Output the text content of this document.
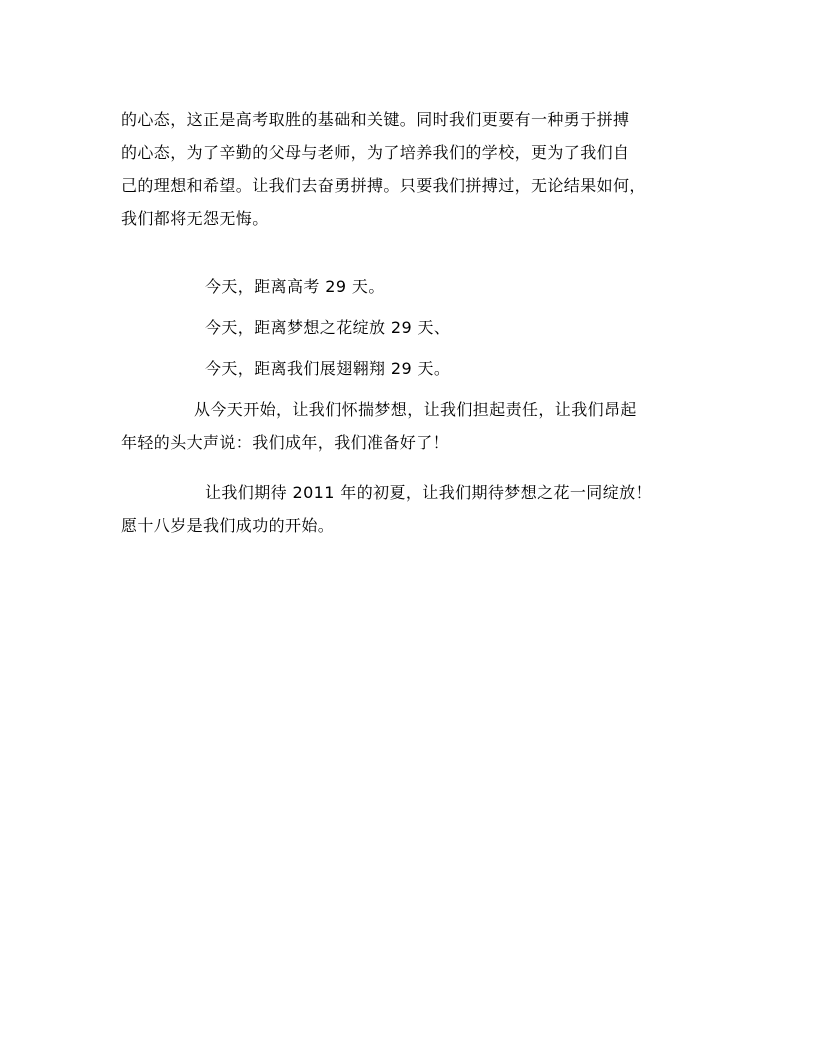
的心态，这正是高考取胜的基础和关键。同时我们更要有一种勇于拼搏
的心态，为了辛勤的父母与老师，为了培养我们的学校，更为了我们自
己的理想和希望。让我们去奋勇拼搏。只要我们拼搏过，无论结果如何，
我们都将无怨无悔。
今天，距离高考 29 天。
今天，距离梦想之花绽放 29 天、
今天，距离我们展翅翱翔 29 天。
从今天开始，让我们怀揣梦想，让我们担起责任，让我们昂起
年轻的头大声说：我们成年，我们准备好了！
让我们期待 2011 年的初夏，让我们期待梦想之花一同绽放！
愿十八岁是我们成功的开始。
